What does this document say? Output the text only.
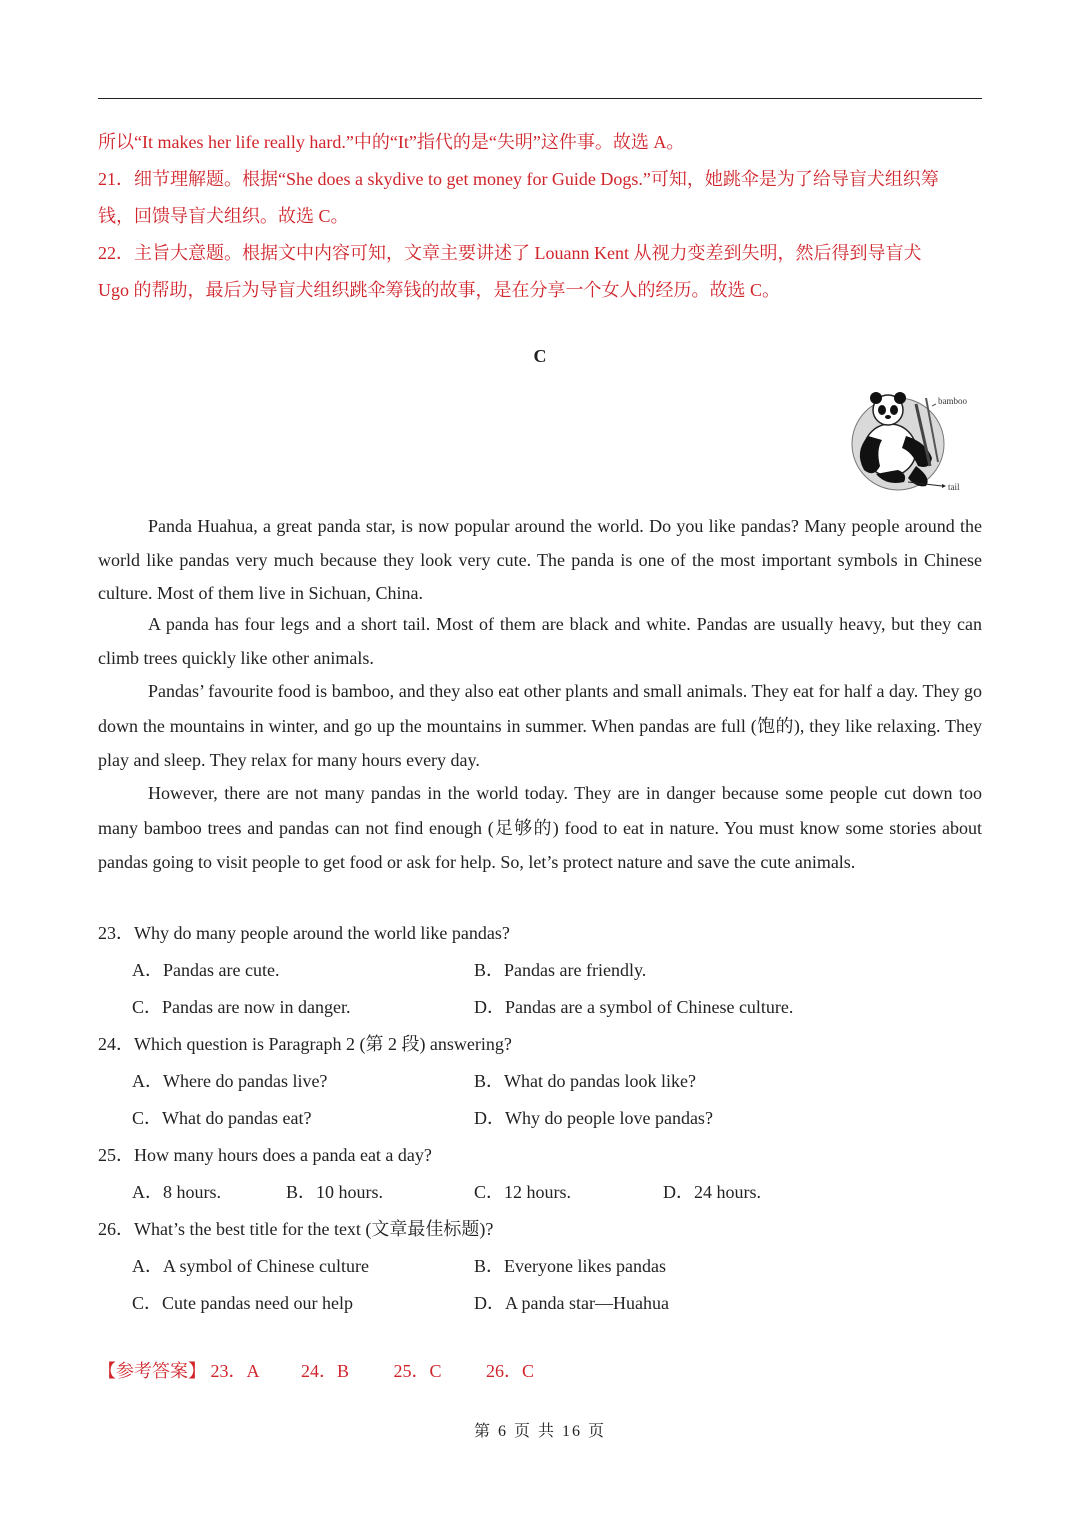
所以“It makes her life really hard.”中的“It”指代的是“失明”这件事。故选 A。
21．细节理解题。根据“She does a skydive to get money for Guide Dogs.”可知，她跳伞是为了给导盲犬组织筹
钱，回馈导盲犬组织。故选 C。
22．主旨大意题。根据文中内容可知，文章主要讲述了 Louann Kent 从视力变差到失明，然后得到导盲犬
Ugo 的帮助，最后为导盲犬组织跳伞筹钱的故事，是在分享一个女人的经历。故选 C。
C
bamboo
tail

Panda Huahua, a great panda star, is now popular around the world. Do you like pandas? Many people around the world like pandas very much because they look very cute. The panda is one of the most important symbols in Chinese culture. Most of them live in Sichuan, China.

A panda has four legs and a short tail. Most of them are black and white. Pandas are usually heavy, but they can climb trees quickly like other animals.

Pandas’ favourite food is bamboo, and they also eat other plants and small animals. They eat for half a day. They go down the mountains in winter, and go up the mountains in summer. When pandas are full (饱的), they like relaxing. They play and sleep. They relax for many hours every day.

However, there are not many pandas in the world today. They are in danger because some people cut down too many bamboo trees and pandas can not find enough (足够的) food to eat in nature. You must know some stories about pandas going to visit people to get food or ask for help. So, let’s protect nature and save the cute animals.

23．Why do many people around the world like pandas?
A．Pandas are cute.	B．Pandas are friendly.
C．Pandas are now in danger.	D．Pandas are a symbol of Chinese culture.
24．Which question is Paragraph 2 (第 2 段) answering?
A．Where do pandas live?	B．What do pandas look like?
C．What do pandas eat?	D．Why do people love pandas?
25．How many hours does a panda eat a day?
A．8 hours.	B．10 hours.	C．12 hours.	D．24 hours.
26．What’s the best title for the text (文章最佳标题)?
A．A symbol of Chinese culture	B．Everyone likes pandas
C．Cute pandas need our help	D．A panda star—Huahua
【参考答案】 23．A 24．B 25．C 26．C
第 6 页 共 16 页
